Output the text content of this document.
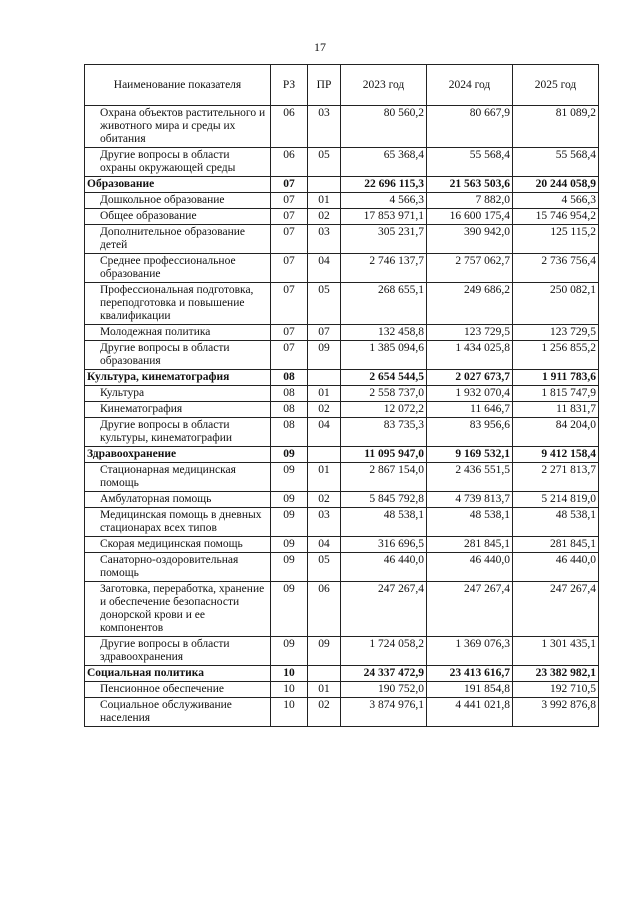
17
Наименование показателя	РЗ	ПР	2023 год	2024 год	2025 год
Охрана объектов растительного и животного мира и среды их обитания	06	03	80 560,2	80 667,9	81 089,2
Другие вопросы в области охраны окружающей среды	06	05	65 368,4	55 568,4	55 568,4
Образование	07		22 696 115,3	21 563 503,6	20 244 058,9
Дошкольное образование	07	01	4 566,3	7 882,0	4 566,3
Общее образование	07	02	17 853 971,1	16 600 175,4	15 746 954,2
Дополнительное образование детей	07	03	305 231,7	390 942,0	125 115,2
Среднее профессиональное образование	07	04	2 746 137,7	2 757 062,7	2 736 756,4
Профессиональная подготовка, переподготовка и повышение квалификации	07	05	268 655,1	249 686,2	250 082,1
Молодежная политика	07	07	132 458,8	123 729,5	123 729,5
Другие вопросы в области образования	07	09	1 385 094,6	1 434 025,8	1 256 855,2
Культура, кинематография	08		2 654 544,5	2 027 673,7	1 911 783,6
Культура	08	01	2 558 737,0	1 932 070,4	1 815 747,9
Кинематография	08	02	12 072,2	11 646,7	11 831,7
Другие вопросы в области культуры, кинематографии	08	04	83 735,3	83 956,6	84 204,0
Здравоохранение	09		11 095 947,0	9 169 532,1	9 412 158,4
Стационарная медицинская помощь	09	01	2 867 154,0	2 436 551,5	2 271 813,7
Амбулаторная помощь	09	02	5 845 792,8	4 739 813,7	5 214 819,0
Медицинская помощь в дневных стационарах всех типов	09	03	48 538,1	48 538,1	48 538,1
Скорая медицинская помощь	09	04	316 696,5	281 845,1	281 845,1
Санаторно-оздоровительная помощь	09	05	46 440,0	46 440,0	46 440,0
Заготовка, переработка, хранение и обеспечение безопасности донорской крови и ее компонентов	09	06	247 267,4	247 267,4	247 267,4
Другие вопросы в области здравоохранения	09	09	1 724 058,2	1 369 076,3	1 301 435,1
Социальная политика	10		24 337 472,9	23 413 616,7	23 382 982,1
Пенсионное обеспечение	10	01	190 752,0	191 854,8	192 710,5
Социальное обслуживание населения	10	02	3 874 976,1	4 441 021,8	3 992 876,8
